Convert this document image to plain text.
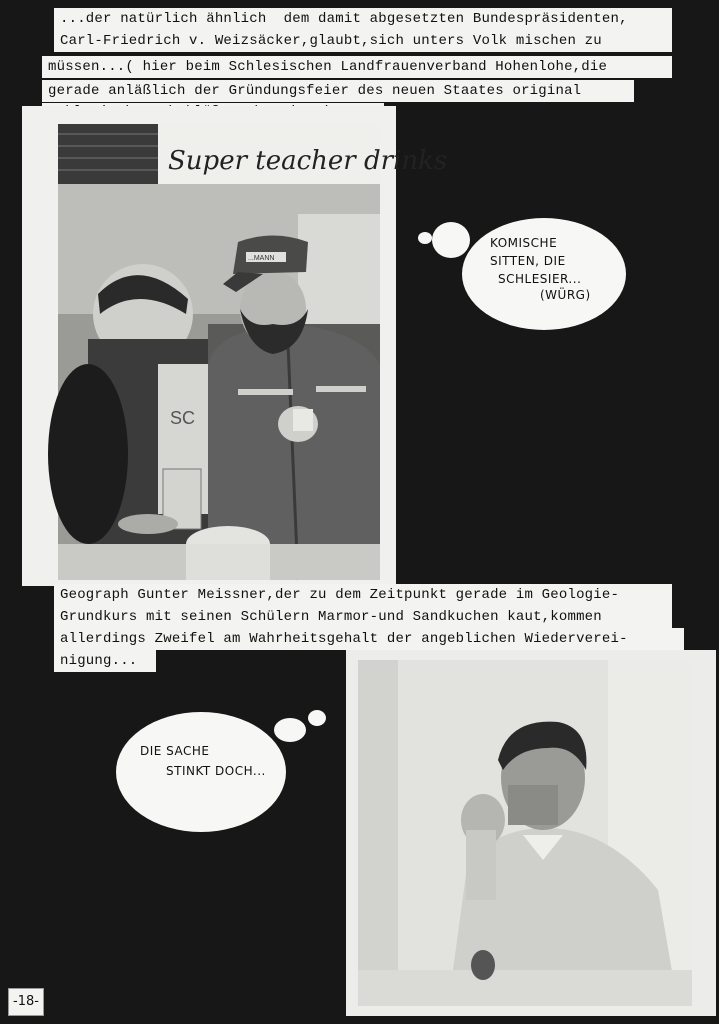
...der natürlich ähnlich  dem damit abgesetzten Bundespräsidenten,
Carl-Friedrich v. Weizsäcker,glaubt,sich unters Volk mischen zu
müssen...( hier beim Schlesischen Landfrauenverband Hohenlohe,die
gerade anläßlich der Gründungsfeier des neuen Staates original
Super teacher drinks
SC
...MANN
KOMISCHE
SITTEN, DIE
SCHLESIER...
(WÜRG)
Geograph Gunter Meissner,der zu dem Zeitpunkt gerade im Geologie-
Grundkurs mit seinen Schülern Marmor-und Sandkuchen kaut,kommen
allerdings Zweifel am Wahrheitsgehalt der angeblichen Wiederverei-
nigung...
DIE SACHE
STINKT DOCH...
-18-
